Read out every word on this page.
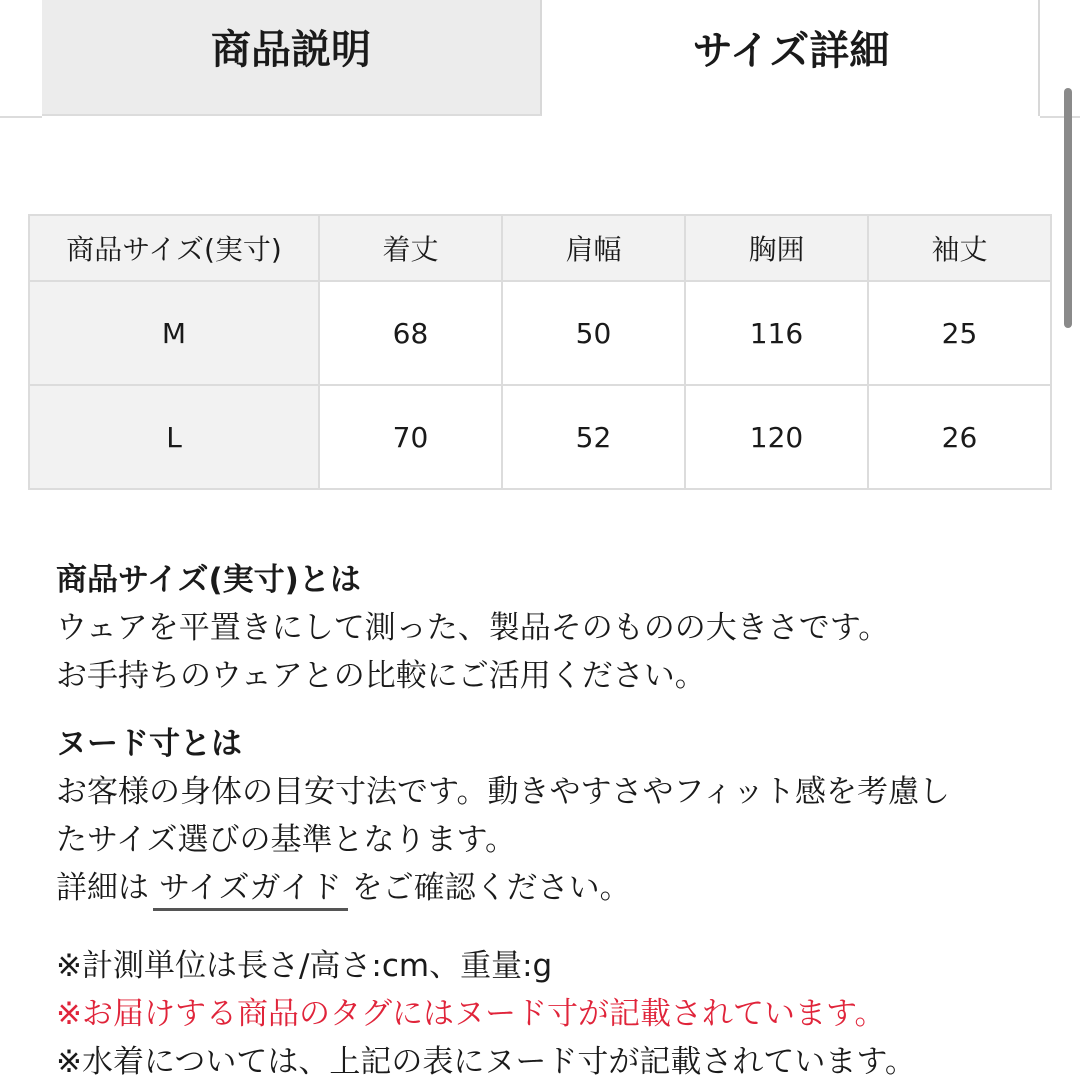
商品説明	サイズ詳細
商品サイズ(実寸)	着丈	肩幅	胸囲	袖丈
M	68	50	116	25
L	70	52	120	26

商品サイズ(実寸)とは

ウェアを平置きにして測った、製品そのものの大きさです。

お手持ちのウェアとの比較にご活用ください。

ヌード寸とは

お客様の身体の目安寸法です。動きやすさやフィット感を考慮し

たサイズ選びの基準となります。

詳細は サイズガイド をご確認ください。

※計測単位は長さ/高さ:cm、重量:g

※お届けする商品のタグにはヌード寸が記載されています。

※水着については、上記の表にヌード寸が記載されています。
